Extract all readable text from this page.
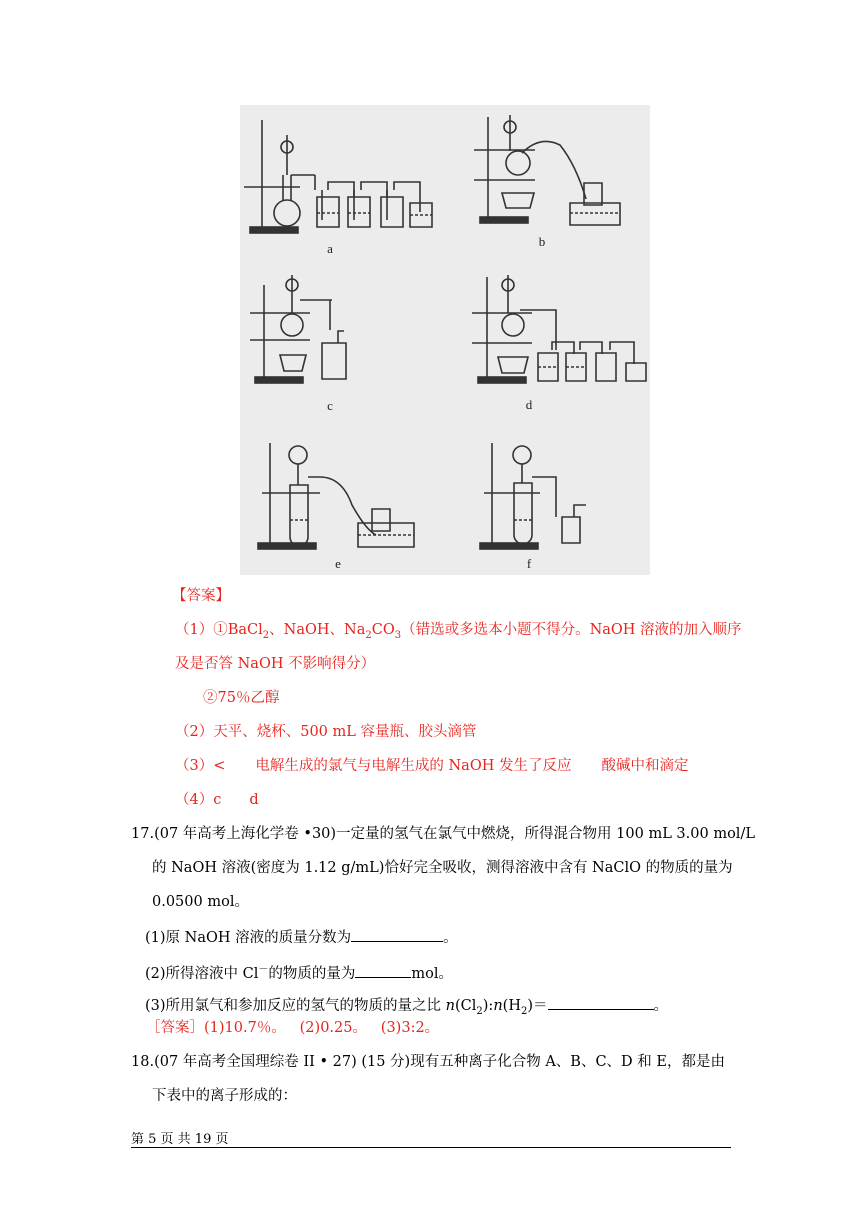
a	b
c	d
e	f
【答案】
（1）①BaCl$_2$、NaOH、$Na_2CO_3$（错选或多选本小题不得分。NaOH 溶液的加入顺序
及是否答 NaOH 不影响得分）
②75％乙醇
（2）天平、烧杯、500 mL 容量瓶、胶头滴管
（3）< 电解生成的氯气与电解生成的 NaOH 发生了反应 酸碱中和滴定
（4）c d
17.(07 年高考上海化学卷 •30)一定量的氢气在氯气中燃烧，所得混合物用 100 mL 3.00 mol/L
的 NaOH 溶液(密度为 1.12 g/mL)恰好完全吸收，测得溶液中含有 NaClO 的物质的量为
0.0500 mol。
(1)原 NaOH 溶液的质量分数为	。
(2)所得溶液中 Cl－的物质的量为	mol。
(3)所用氯气和参加反应的氢气的物质的量之比 $n(Cl_2):n(H_2)=$	。
［答案］(1)10.7％。   (2)0.25。   (3)3:2。
18.(07 年高考全国理综卷 II • 27) (15 分)现有五种离子化合物 A、B、C、D 和 E，都是由
下表中的离子形成的：
第 5 页 共 19 页
